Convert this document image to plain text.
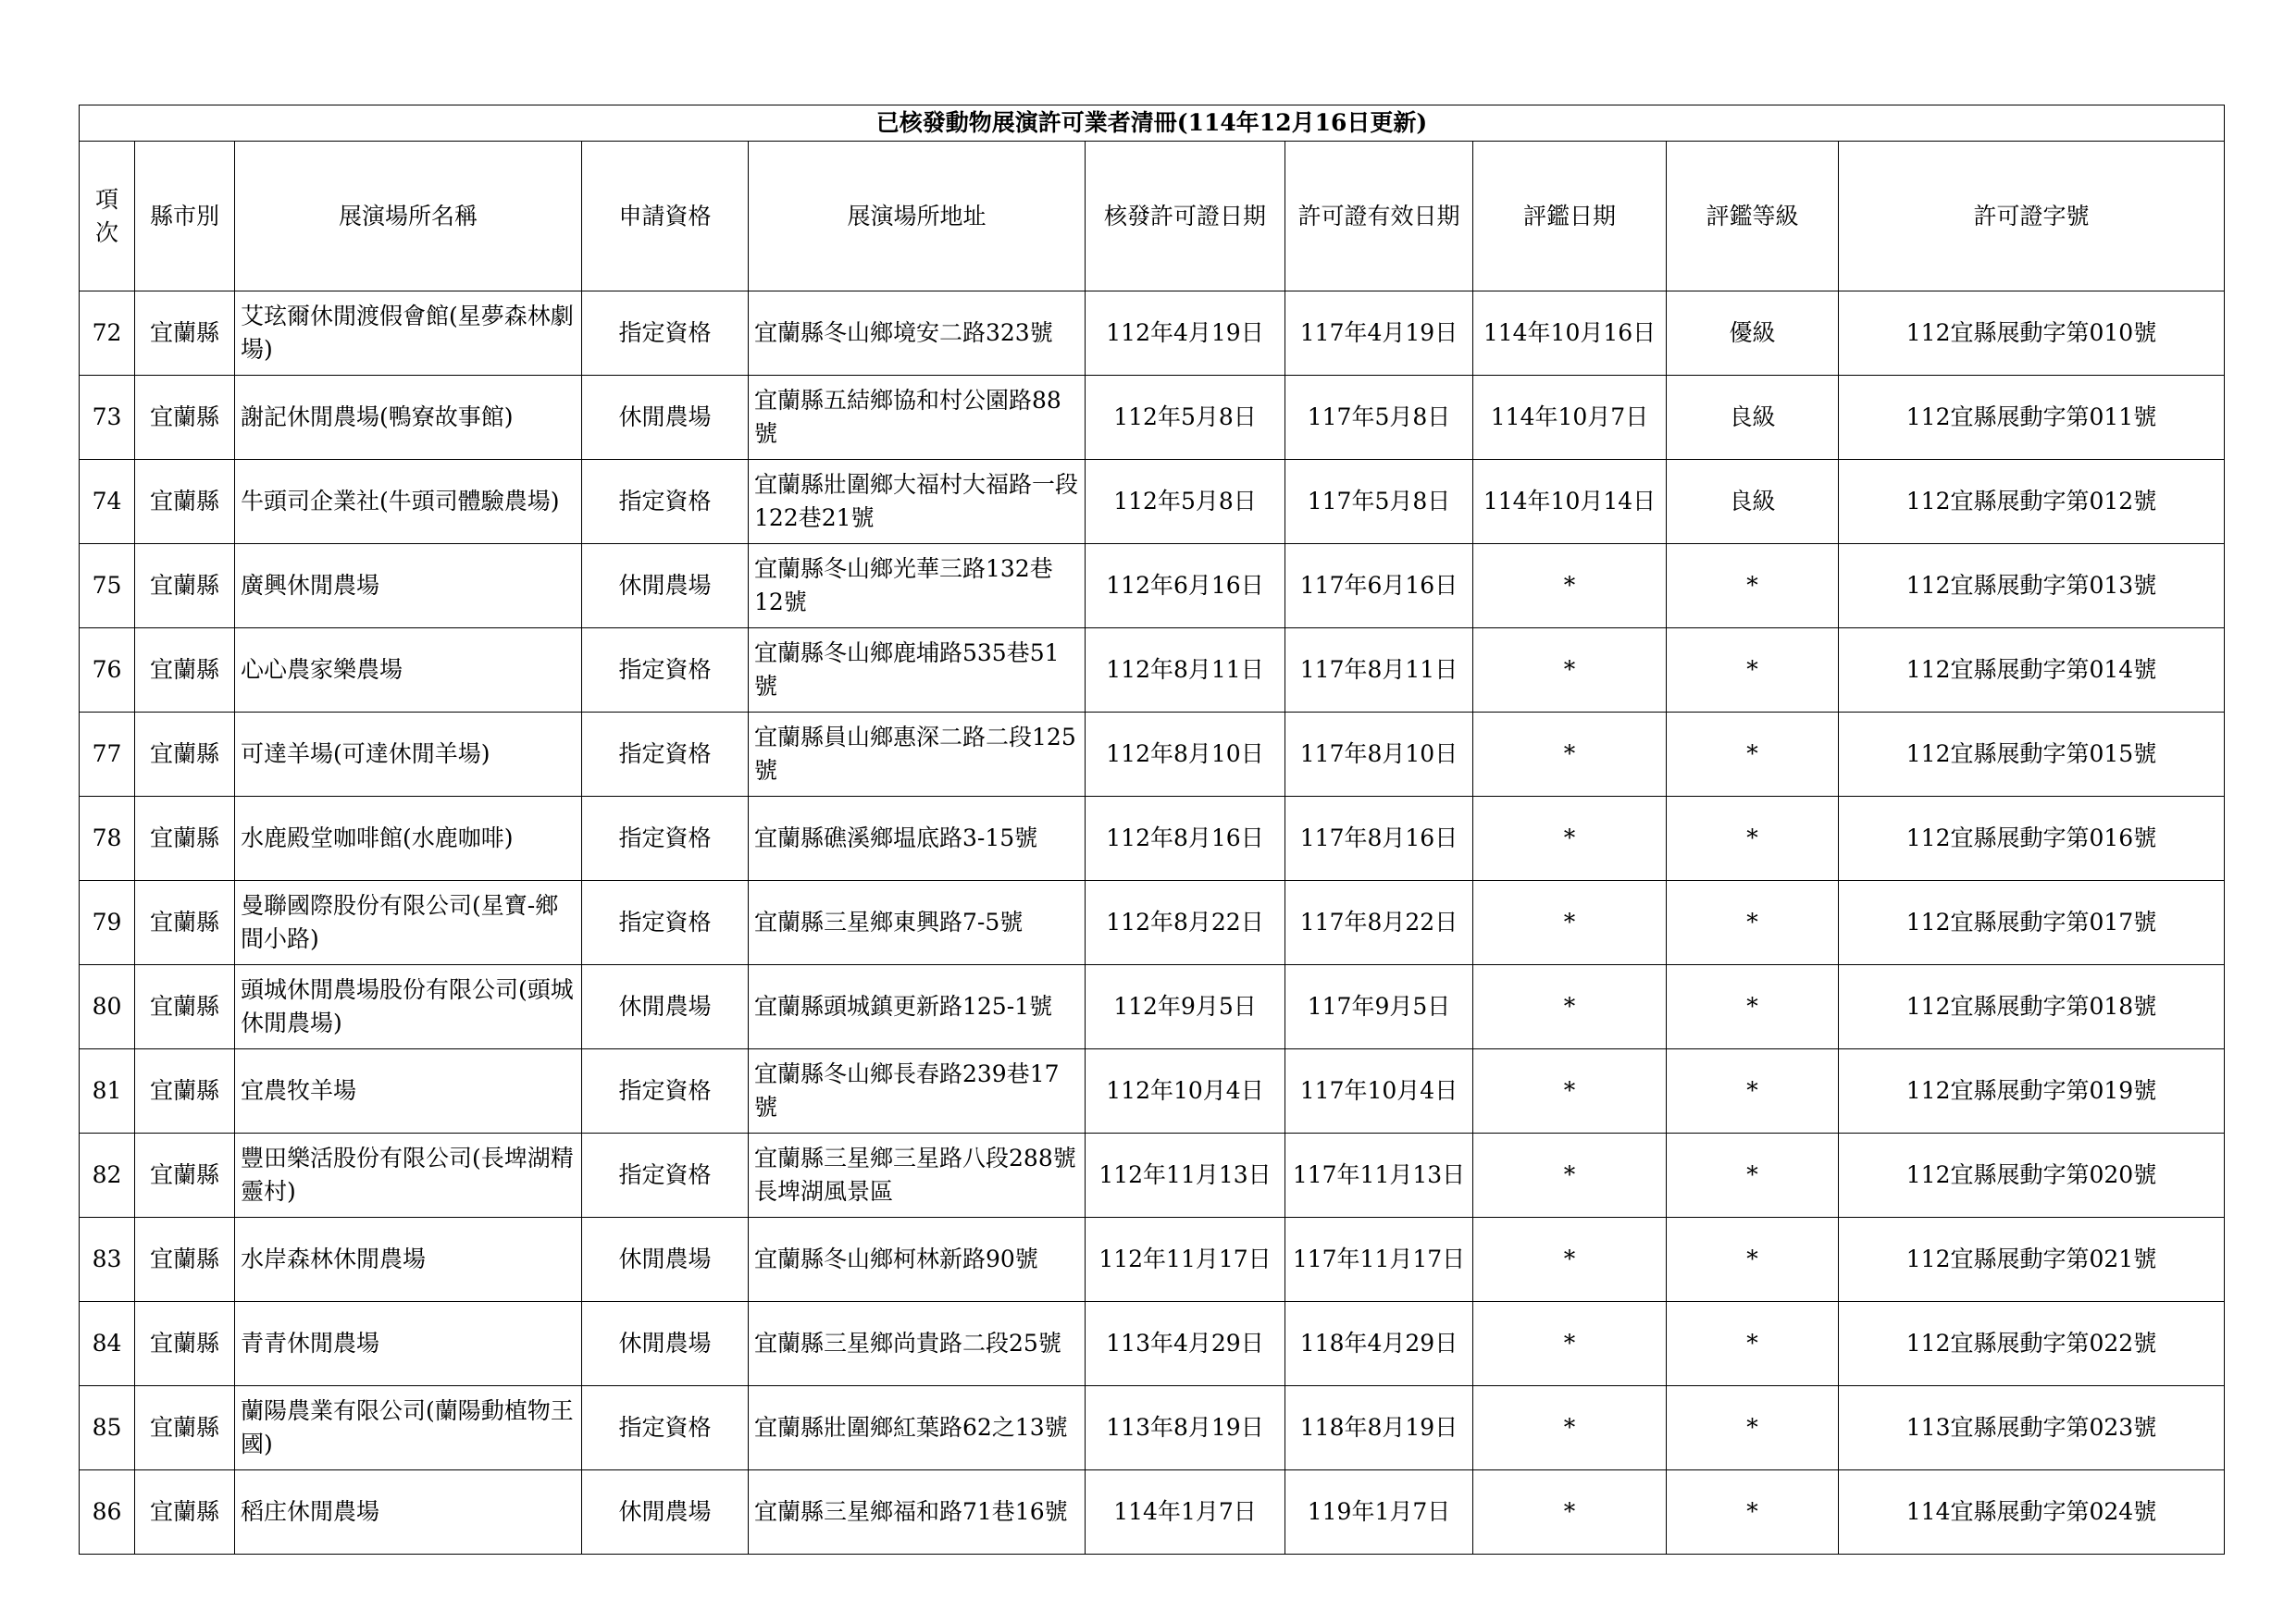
已核發動物展演許可業者清冊(114年12月16日更新)									
項次	縣市別	展演場所名稱	申請資格	展演場所地址	核發許可證日期	許可證有效日期	評鑑日期	評鑑等級	許可證字號
72	宜蘭縣	艾玹爾休閒渡假會館(星夢森林劇場)	指定資格	宜蘭縣冬山鄉境安二路323號	112年4月19日	117年4月19日	114年10月16日	優級	112宜縣展動字第010號
73	宜蘭縣	謝記休閒農場(鴨寮故事館)	休閒農場	宜蘭縣五結鄉協和村公園路88號	112年5月8日	117年5月8日	114年10月7日	良級	112宜縣展動字第011號
74	宜蘭縣	牛頭司企業社(牛頭司體驗農場)	指定資格	宜蘭縣壯圍鄉大福村大福路一段122巷21號	112年5月8日	117年5月8日	114年10月14日	良級	112宜縣展動字第012號
75	宜蘭縣	廣興休閒農場	休閒農場	宜蘭縣冬山鄉光華三路132巷12號	112年6月16日	117年6月16日	*	*	112宜縣展動字第013號
76	宜蘭縣	心心農家樂農場	指定資格	宜蘭縣冬山鄉鹿埔路535巷51號	112年8月11日	117年8月11日	*	*	112宜縣展動字第014號
77	宜蘭縣	可達羊場(可達休閒羊場)	指定資格	宜蘭縣員山鄉惠深二路二段125號	112年8月10日	117年8月10日	*	*	112宜縣展動字第015號
78	宜蘭縣	水鹿殿堂咖啡館(水鹿咖啡)	指定資格	宜蘭縣礁溪鄉塭底路3-15號	112年8月16日	117年8月16日	*	*	112宜縣展動字第016號
79	宜蘭縣	曼聯國際股份有限公司(星寶-鄉間小路)	指定資格	宜蘭縣三星鄉東興路7-5號	112年8月22日	117年8月22日	*	*	112宜縣展動字第017號
80	宜蘭縣	頭城休閒農場股份有限公司(頭城休閒農場)	休閒農場	宜蘭縣頭城鎮更新路125-1號	112年9月5日	117年9月5日	*	*	112宜縣展動字第018號
81	宜蘭縣	宜農牧羊場	指定資格	宜蘭縣冬山鄉長春路239巷17號	112年10月4日	117年10月4日	*	*	112宜縣展動字第019號
82	宜蘭縣	豐田樂活股份有限公司(長埤湖精靈村)	指定資格	宜蘭縣三星鄉三星路八段288號長埤湖風景區	112年11月13日	117年11月13日	*	*	112宜縣展動字第020號
83	宜蘭縣	水岸森林休閒農場	休閒農場	宜蘭縣冬山鄉柯林新路90號	112年11月17日	117年11月17日	*	*	112宜縣展動字第021號
84	宜蘭縣	青青休閒農場	休閒農場	宜蘭縣三星鄉尚貴路二段25號	113年4月29日	118年4月29日	*	*	112宜縣展動字第022號
85	宜蘭縣	蘭陽農業有限公司(蘭陽動植物王國)	指定資格	宜蘭縣壯圍鄉紅葉路62之13號	113年8月19日	118年8月19日	*	*	113宜縣展動字第023號
86	宜蘭縣	稻庄休閒農場	休閒農場	宜蘭縣三星鄉福和路71巷16號	114年1月7日	119年1月7日	*	*	114宜縣展動字第024號
